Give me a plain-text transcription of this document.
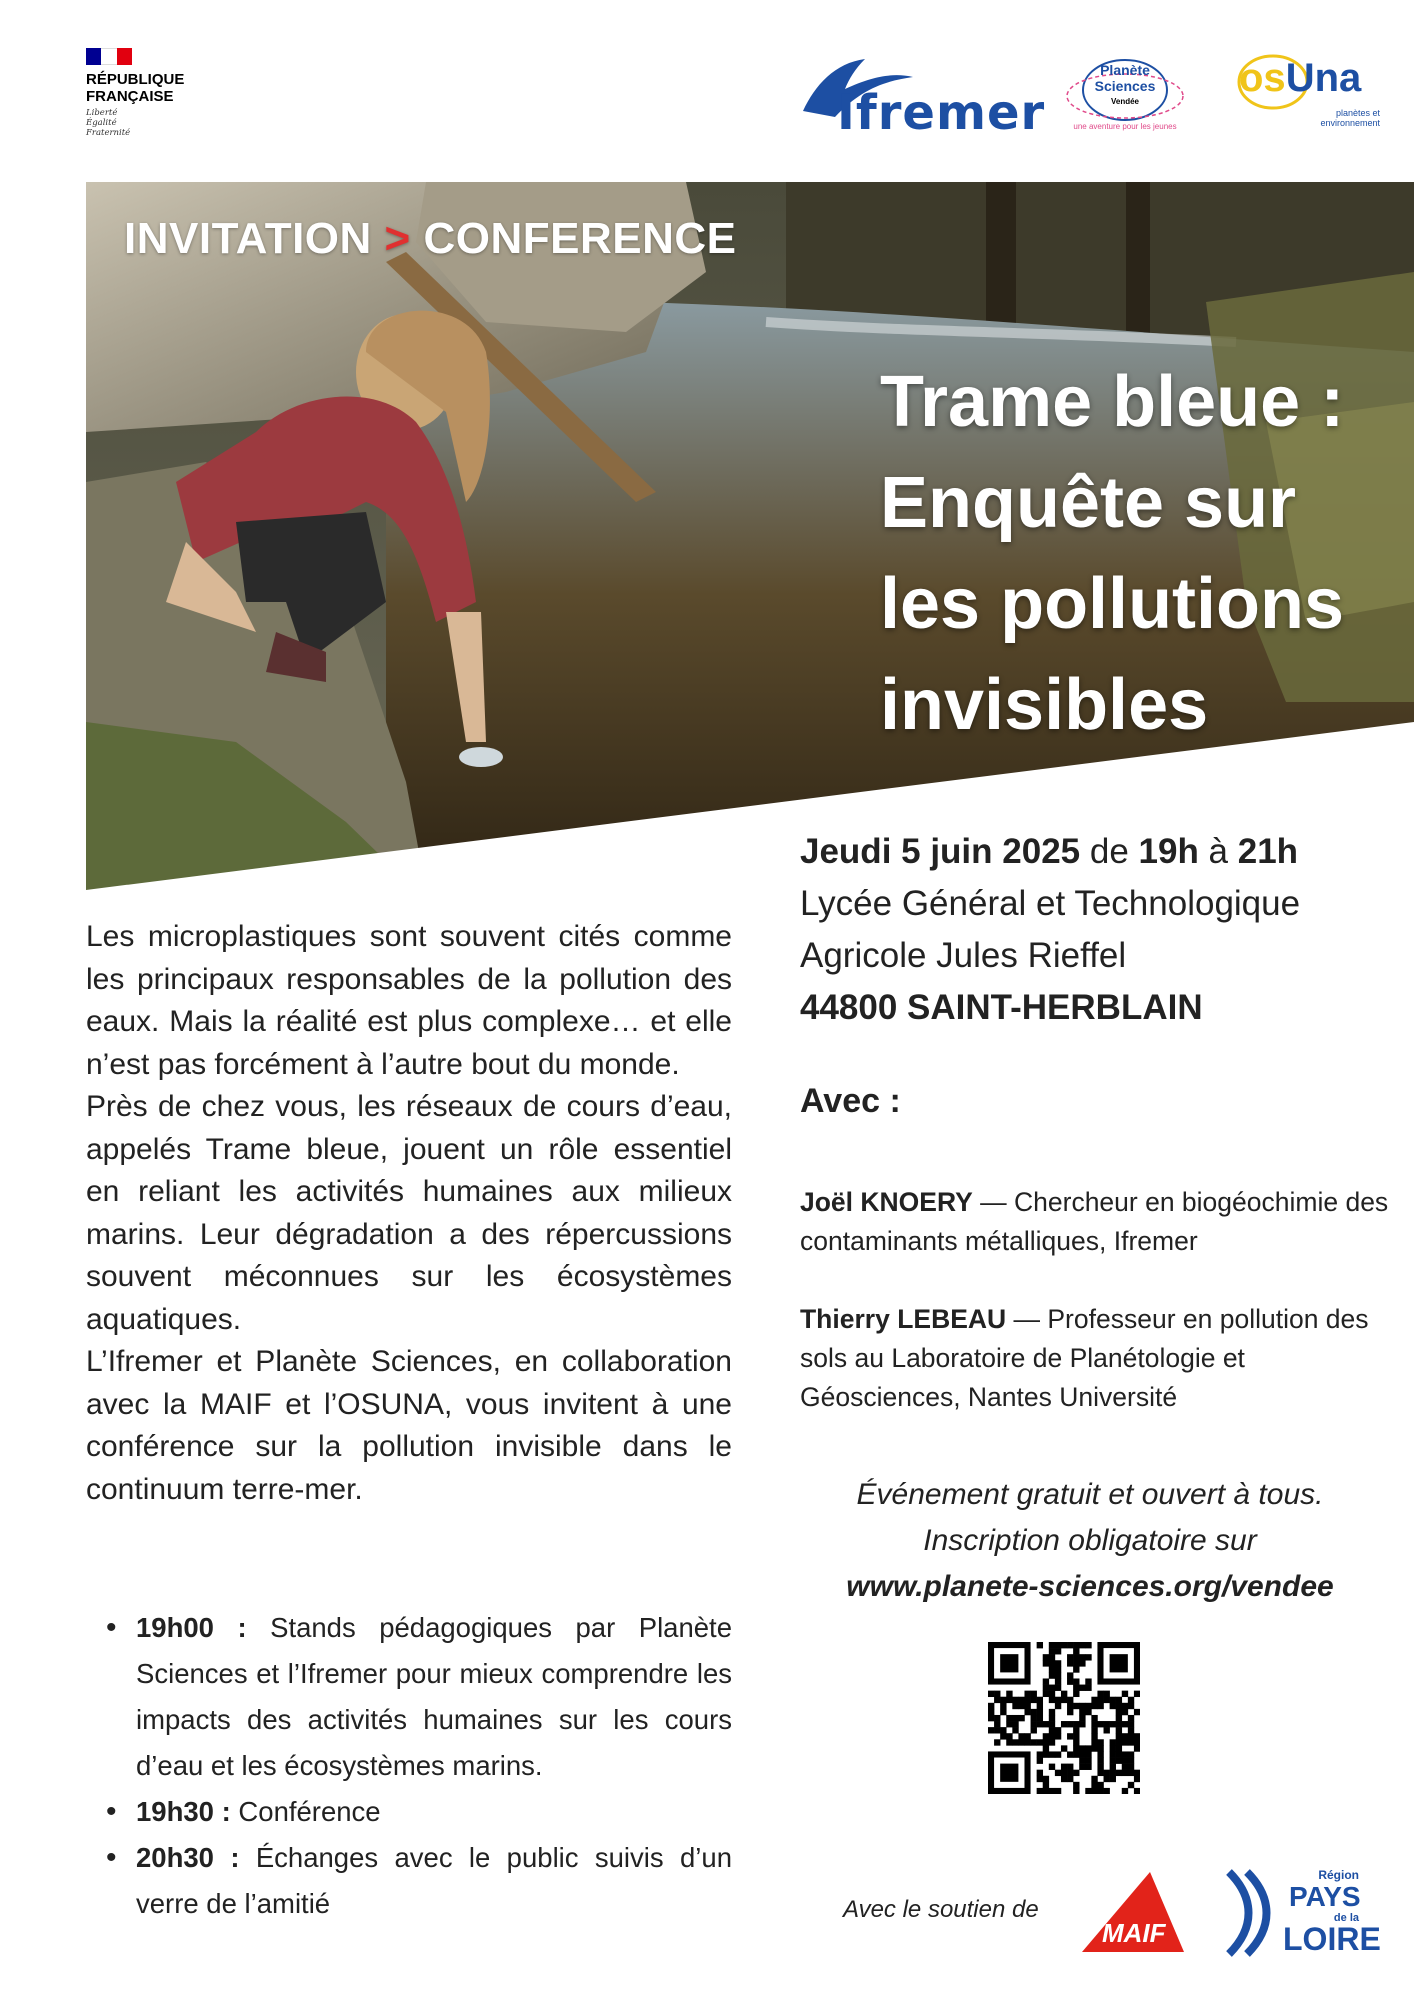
RÉPUBLIQUE
FRANÇAISE
Liberté
Égalité
Fraternité	Ifremer
Planète
Sciences
Vendée
une aventure pour les jeunes
osUna
planètes et
environnement
INVITATION > CONFERENCE
Trame bleue :
Enquête sur
les pollutions
invisibles

Les microplastiques sont souvent cités comme les principaux responsables de la pollution des eaux. Mais la réalité est plus complexe… et elle n’est pas forcément à l’autre bout du monde.

Près de chez vous, les réseaux de cours d’eau, appelés Trame bleue, jouent un rôle essentiel en reliant les activités humaines aux milieux marins. Leur dégradation a des répercussions souvent méconnues sur les écosystèmes aquatiques.

L’Ifremer et Planète Sciences, en collaboration avec la MAIF et l’OSUNA, vous invitent à une conférence sur la pollution invisible dans le continuum terre-mer.

• 19h00 : Stands pédagogiques par Planète Sciences et l’Ifremer pour mieux comprendre les impacts des activités humaines sur les cours d’eau et les écosystèmes marins.
• 19h30 : Conférence
• 20h30 : Échanges avec le public suivis d’un verre de l’amitié
Jeudi 5 juin 2025 de 19h à 21h
Lycée Général et Technologique
Agricole Jules Rieffel
44800 SAINT-HERBLAIN
Avec :
Joël KNOERY — Chercheur en biogéochimie des contaminants métalliques, Ifremer
Thierry LEBEAU — Professeur en pollution des sols au Laboratoire de Planétologie et Géosciences, Nantes Université
Événement gratuit et ouvert à tous.
Inscription obligatoire sur
www.planete-sciences.org/vendee
Avec le soutien de
MAIF
Région
PAYS
de la
LOIRE
